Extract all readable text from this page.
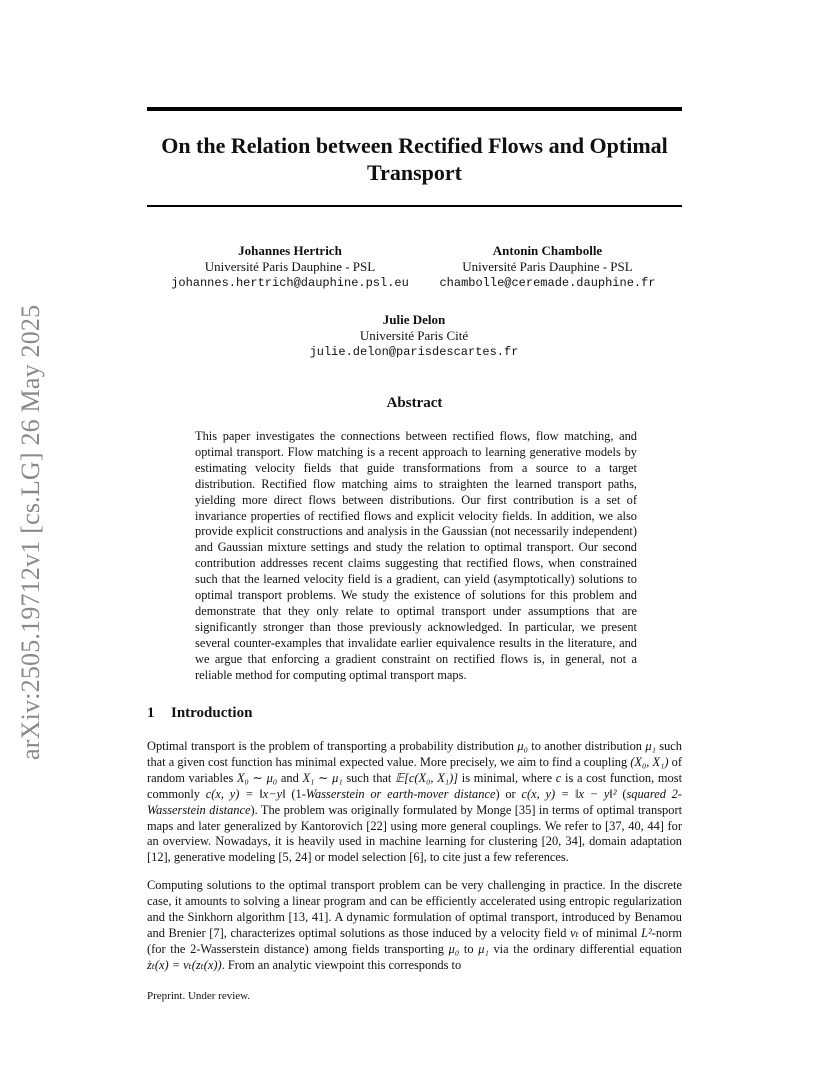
arXiv:2505.19712v1 [cs.LG] 26 May 2025
On the Relation between Rectified Flows and Optimal Transport
Johannes Hertrich
Université Paris Dauphine - PSL
johannes.hertrich@dauphine.psl.eu
Antonin Chambolle
Université Paris Dauphine - PSL
chambolle@ceremade.dauphine.fr
Julie Delon
Université Paris Cité
julie.delon@parisdescartes.fr
Abstract
This paper investigates the connections between rectified flows, flow matching, and optimal transport. Flow matching is a recent approach to learning generative models by estimating velocity fields that guide transformations from a source to a target distribution. Rectified flow matching aims to straighten the learned transport paths, yielding more direct flows between distributions. Our first contribution is a set of invariance properties of rectified flows and explicit velocity fields. In addition, we also provide explicit constructions and analysis in the Gaussian (not necessarily independent) and Gaussian mixture settings and study the relation to optimal transport. Our second contribution addresses recent claims suggesting that rectified flows, when constrained such that the learned velocity field is a gradient, can yield (asymptotically) solutions to optimal transport problems. We study the existence of solutions for this problem and demonstrate that they only relate to optimal transport under assumptions that are significantly stronger than those previously acknowledged. In particular, we present several counter-examples that invalidate earlier equivalence results in the literature, and we argue that enforcing a gradient constraint on rectified flows is, in general, not a reliable method for computing optimal transport maps.
1 Introduction
Optimal transport is the problem of transporting a probability distribution μ₀ to another distribution μ₁ such that a given cost function has minimal expected value. More precisely, we aim to find a coupling (X₀, X₁) of random variables X₀ ∼ μ₀ and X₁ ∼ μ₁ such that 𝔼[c(X₀, X₁)] is minimal, where c is a cost function, most commonly c(x, y) = ‖x−y‖ (1-Wasserstein or earth-mover distance) or c(x, y) = ‖x − y‖² (squared 2-Wasserstein distance). The problem was originally formulated by Monge [35] in terms of optimal transport maps and later generalized by Kantorovich [22] using more general couplings. We refer to [37, 40, 44] for an overview. Nowadays, it is heavily used in machine learning for clustering [20, 34], domain adaptation [12], generative modeling [5, 24] or model selection [6], to cite just a few references.
Computing solutions to the optimal transport problem can be very challenging in practice. In the discrete case, it amounts to solving a linear program and can be efficiently accelerated using entropic regularization and the Sinkhorn algorithm [13, 41]. A dynamic formulation of optimal transport, introduced by Benamou and Brenier [7], characterizes optimal solutions as those induced by a velocity field vₜ of minimal L²-norm (for the 2-Wasserstein distance) among fields transporting μ₀ to μ₁ via the ordinary differential equation żₜ(x) = vₜ(zₜ(x)). From an analytic viewpoint this corresponds to
Preprint. Under review.
